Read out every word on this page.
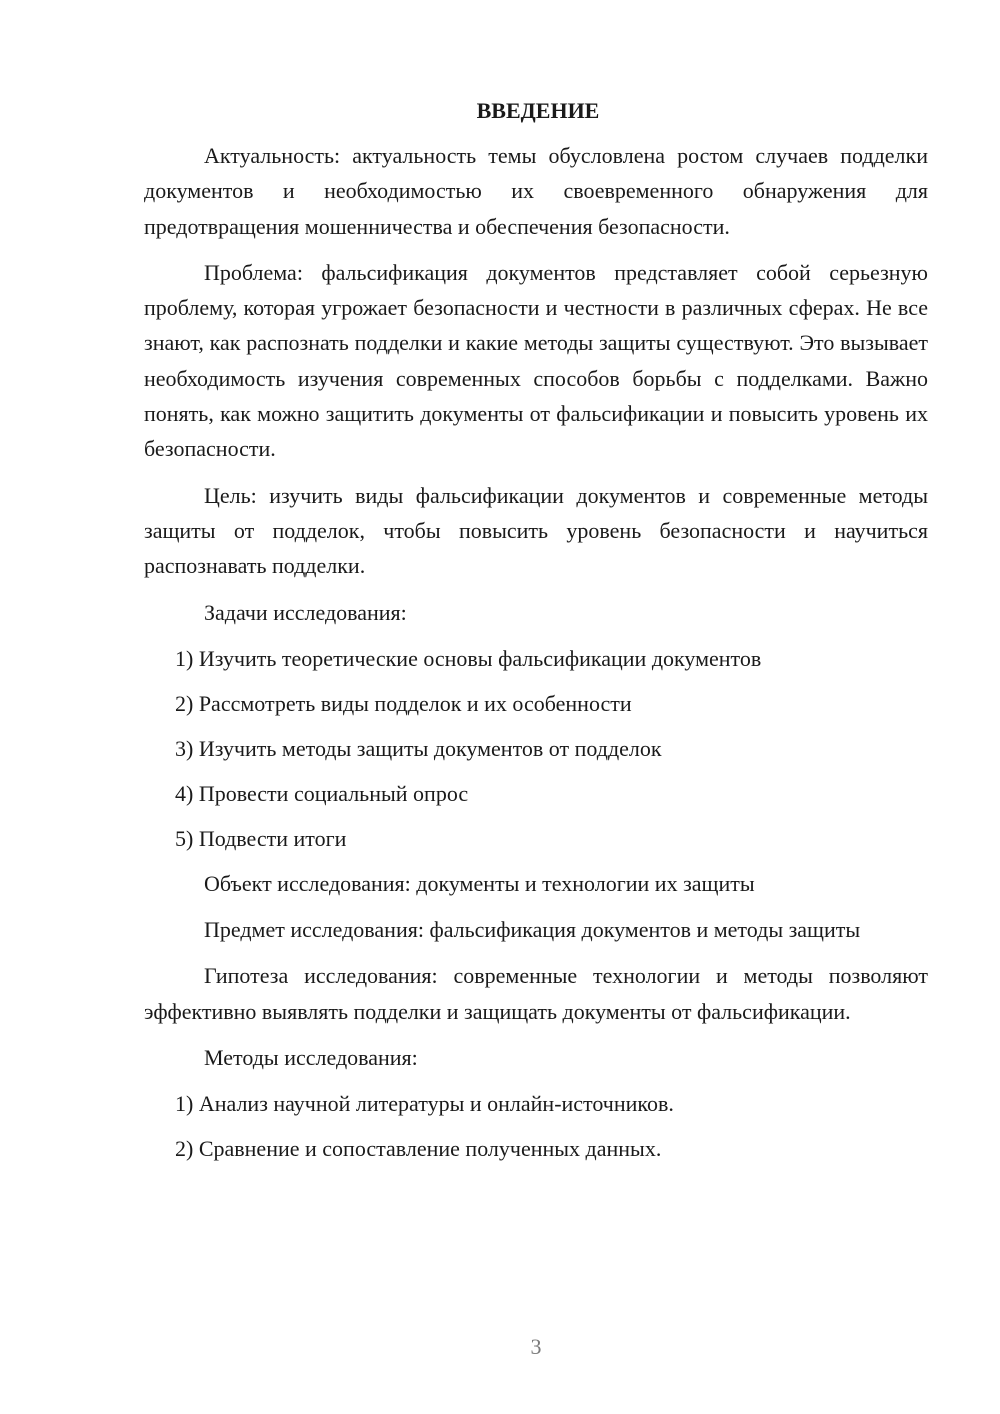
ВВЕДЕНИЕ

Актуальность: актуальность темы обусловлена ростом случаев подделки документов и необходимостью их своевременного обнаружения для предотвращения мошенничества и обеспечения безопасности.

Проблема: фальсификация документов представляет собой серьезную проблему, которая угрожает безопасности и честности в различных сферах. Не все знают, как распознать подделки и какие методы защиты существуют. Это вызывает необходимость изучения современных способов борьбы с подделками. Важно понять, как можно защитить документы от фальсификации и повысить уровень их безопасности.

Цель: изучить виды фальсификации документов и современные методы защиты от подделок, чтобы повысить уровень безопасности и научиться распознавать подделки.

Задачи исследования:

1) Изучить теоретические основы фальсификации документов
2) Рассмотреть виды подделок и их особенности
3) Изучить методы защиты документов от подделок
4) Провести социальный опрос
5) Подвести итоги

Объект исследования: документы и технологии их защиты

Предмет исследования: фальсификация документов и методы защиты

Гипотеза исследования: современные технологии и методы позволяют эффективно выявлять подделки и защищать документы от фальсификации.

Методы исследования:

1) Анализ научной литературы и онлайн-источников.
2) Сравнение и сопоставление полученных данных.
3
